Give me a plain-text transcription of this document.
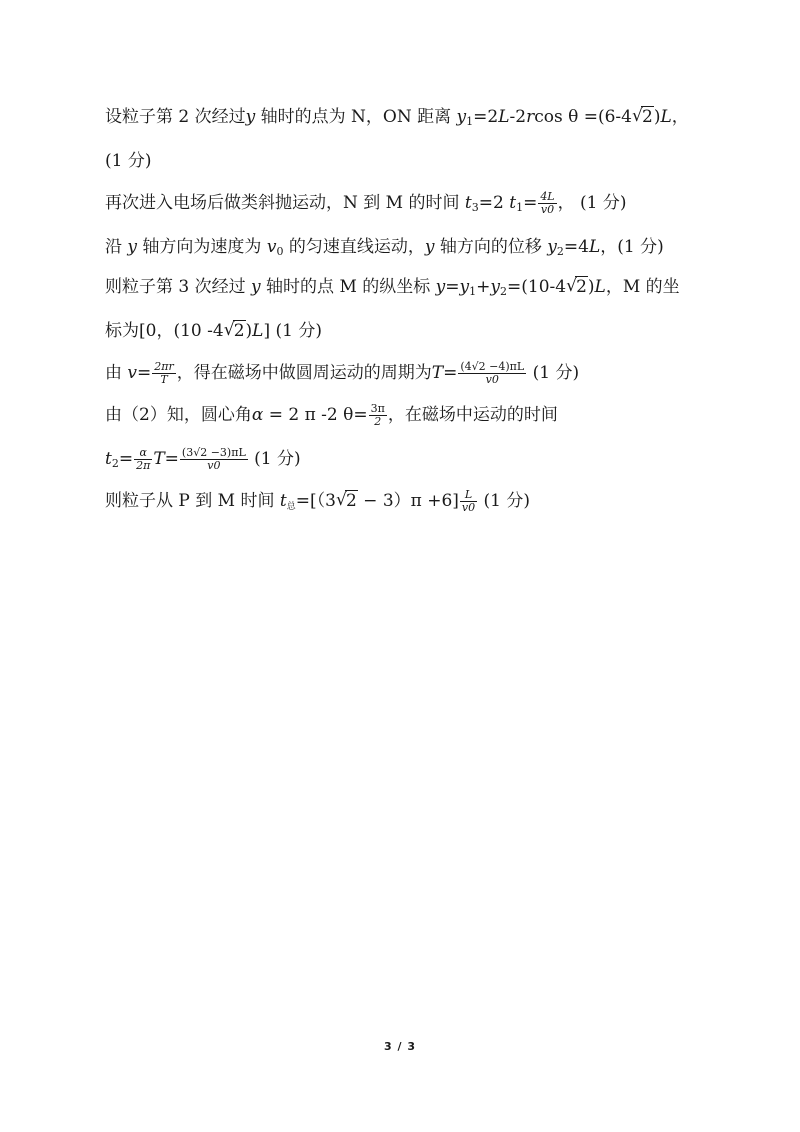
设粒子第 2 次经过y 轴时的点为 N，ON 距离 $y_1=2L-2rcos$ θ =(6-4√ 2)L，
(1 分)
再次进入电场后做类斜抛运动，N 到 M 的时间 $t_3=2$ $t_1= \frac{4L}{v0}$ ， (1 分)
沿 y 轴方向为速度为 $v_0$ 的匀速直线运动，y 轴方向的位移 $y_2=4L$，(1 分)
则粒子第 3 次经过 y 轴时的点 M 的纵坐标 $y=y_1+y_2=(10-4√$ 2)L，M 的坐
标为[0，(10 -4√ 2)L] (1 分)
由 $v= \frac{2\pi r}{T}$ ，得在磁场中做圆周运动的周期为$T= \frac{(4√2 -4)\pi L}{v0} (1$ 分)
由（2）知，圆心角α = 2 π -2 $\theta= \frac{3\pi}{2}$ ，在磁场中运动的时间
$t_2= \frac{\alpha}{2\pi} T= \frac{(3√2 -3)\pi L}{v0} (1$ 分)
则粒子从 P 到 M 时间 $t_总=[(3√$ $2 - 3)\pi +6] \frac{L}{v0} (1$ 分)
3 / 3
